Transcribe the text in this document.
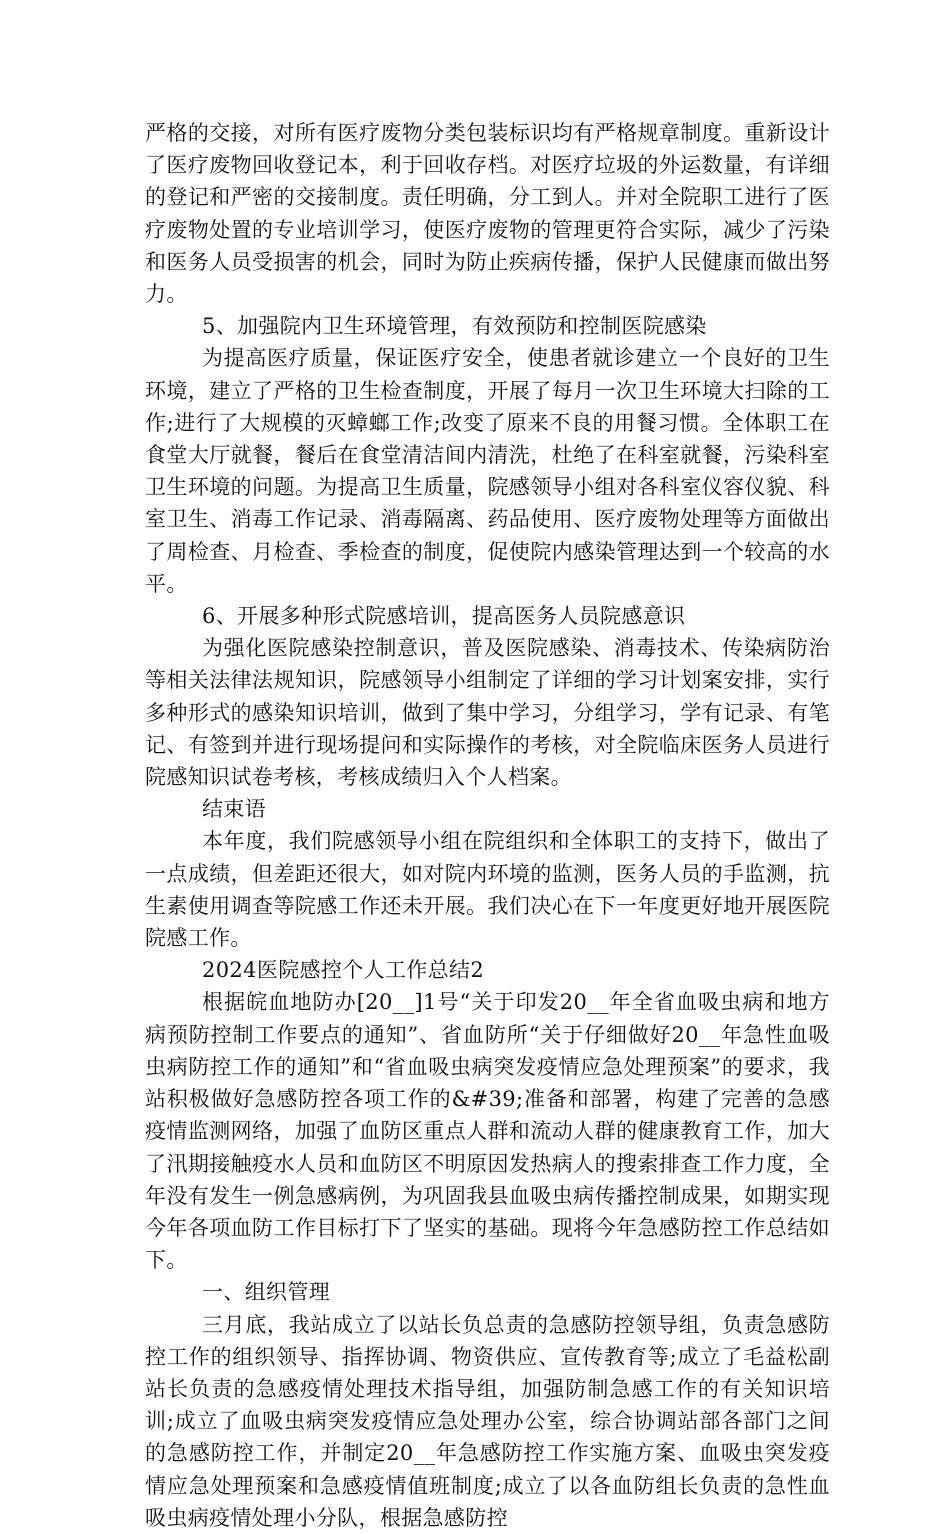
严格的交接，对所有医疗废物分类包装标识均有严格规章制度。重新设计了医疗废物回收登记本，利于回收存档。对医疗垃圾的外运数量，有详细的登记和严密的交接制度。责任明确，分工到人。并对全院职工进行了医疗废物处置的专业培训学习，使医疗废物的管理更符合实际，减少了污染和医务人员受损害的机会，同时为防止疾病传播，保护人民健康而做出努力。

5、加强院内卫生环境管理，有效预防和控制医院感染

为提高医疗质量，保证医疗安全，使患者就诊建立一个良好的卫生环境，建立了严格的卫生检查制度，开展了每月一次卫生环境大扫除的工作;进行了大规模的灭蟑螂工作;改变了原来不良的用餐习惯。全体职工在食堂大厅就餐，餐后在食堂清洁间内清洗，杜绝了在科室就餐，污染科室卫生环境的问题。为提高卫生质量，院感领导小组对各科室仪容仪貌、科室卫生、消毒工作记录、消毒隔离、药品使用、医疗废物处理等方面做出了周检查、月检查、季检查的制度，促使院内感染管理达到一个较高的水平。

6、开展多种形式院感培训，提高医务人员院感意识

为强化医院感染控制意识，普及医院感染、消毒技术、传染病防治等相关法律法规知识，院感领导小组制定了详细的学习计划案安排，实行多种形式的感染知识培训，做到了集中学习，分组学习，学有记录、有笔记、有签到并进行现场提问和实际操作的考核，对全院临床医务人员进行院感知识试卷考核，考核成绩归入个人档案。

结束语

本年度，我们院感领导小组在院组织和全体职工的支持下，做出了一点成绩，但差距还很大，如对院内环境的监测，医务人员的手监测，抗生素使用调查等院感工作还未开展。我们决心在下一年度更好地开展医院院感工作。

2024医院感控个人工作总结2

根据皖血地防办[20__]1号“关于印发20__年全省血吸虫病和地方病预防控制工作要点的通知”、省血防所“关于仔细做好20__年急性血吸虫病防控工作的通知”和“省血吸虫病突发疫情应急处理预案”的要求，我站积极做好急感防控各项工作的&#39;准备和部署，构建了完善的急感疫情监测网络，加强了血防区重点人群和流动人群的健康教育工作，加大了汛期接触疫水人员和血防区不明原因发热病人的搜索排查工作力度，全年没有发生一例急感病例，为巩固我县血吸虫病传播控制成果，如期实现今年各项血防工作目标打下了坚实的基础。现将今年急感防控工作总结如下。

一、组织管理

三月底，我站成立了以站长负总责的急感防控领导组，负责急感防控工作的组织领导、指挥协调、物资供应、宣传教育等;成立了毛益松副站长负责的急感疫情处理技术指导组，加强防制急感工作的有关知识培训;成立了血吸虫病突发疫情应急处理办公室，综合协调站部各部门之间的急感防控工作，并制定20__年急感防控工作实施方案、血吸虫突发疫情应急处理预案和急感疫情值班制度;成立了以各血防组长负责的急性血吸虫病疫情处理小分队，根据急感防控
